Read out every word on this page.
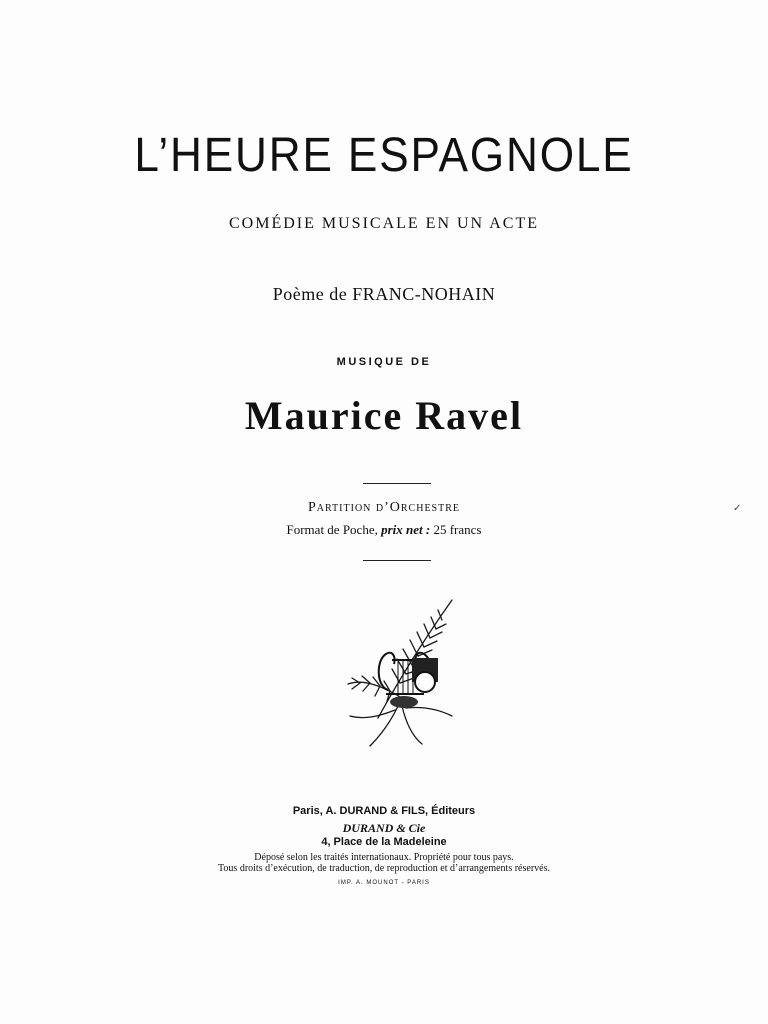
L’HEURE ESPAGNOLE
COMÉDIE MUSICALE EN UN ACTE
Poème de FRANC-NOHAIN
MUSIQUE DE
Maurice Ravel
Partition d’Orchestre
Format de Poche, prix net : 25 francs
✓
Paris, A. DURAND & FILS, Éditeurs
DURAND & Cie
4, Place de la Madeleine
Déposé selon les traités internationaux. Propriété pour tous pays.
Tous droits d’exécution, de traduction, de reproduction et d’arrangements réservés.
IMP. A. MOUNOT - PARIS
